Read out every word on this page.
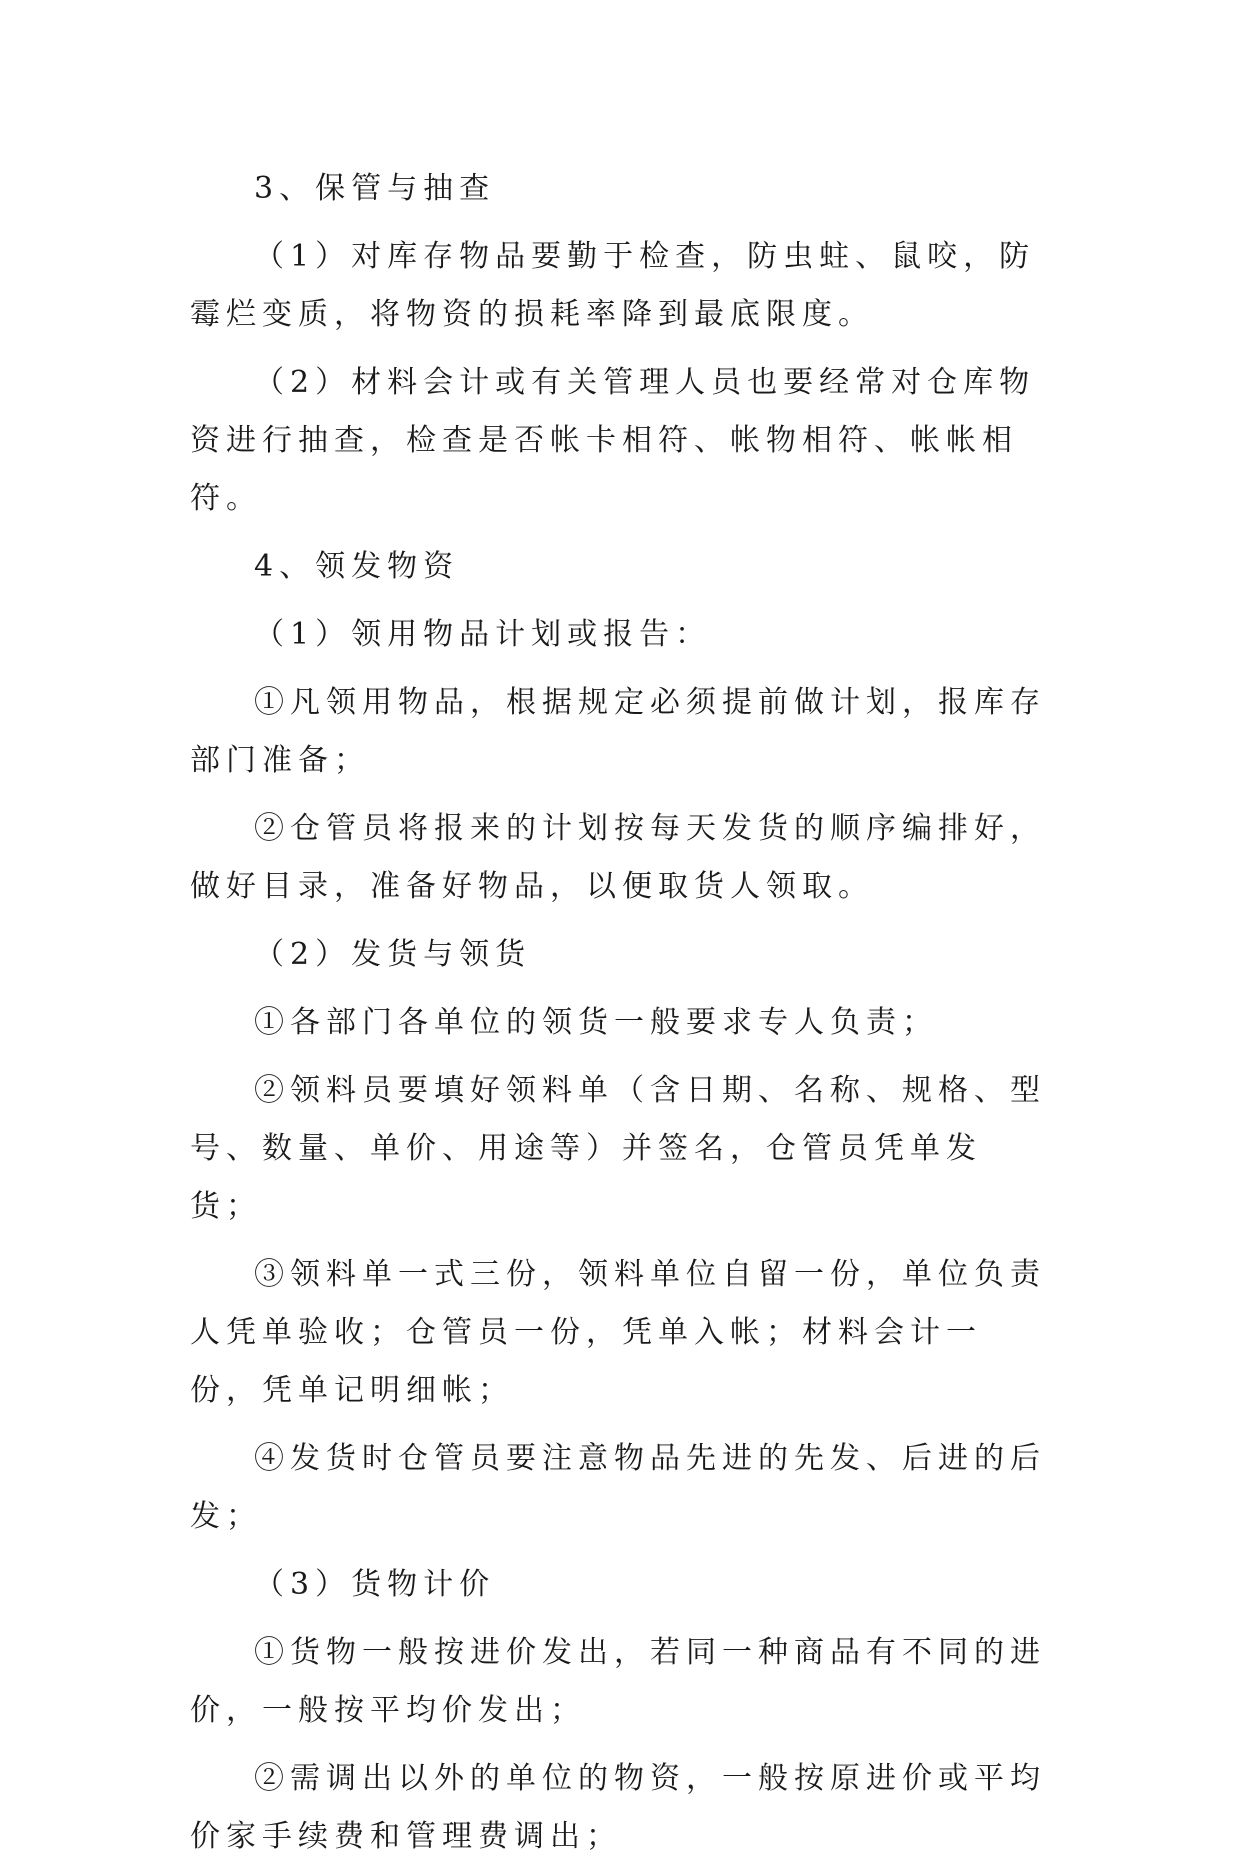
3、保管与抽查

（1）对库存物品要勤于检查，防虫蛀、鼠咬，防霉烂变质，将物资的损耗率降到最底限度。

（2）材料会计或有关管理人员也要经常对仓库物资进行抽查，检查是否帐卡相符、帐物相符、帐帐相符。

4、领发物资

（1）领用物品计划或报告：

①凡领用物品，根据规定必须提前做计划，报库存部门准备；

②仓管员将报来的计划按每天发货的顺序编排好，做好目录，准备好物品，以便取货人领取。

（2）发货与领货

①各部门各单位的领货一般要求专人负责；

②领料员要填好领料单（含日期、名称、规格、型号、数量、单价、用途等）并签名，仓管员凭单发货；

③领料单一式三份，领料单位自留一份，单位负责人凭单验收；仓管员一份，凭单入帐；材料会计一份，凭单记明细帐；

④发货时仓管员要注意物品先进的先发、后进的后发；

（3）货物计价

①货物一般按进价发出，若同一种商品有不同的进价，一般按平均价发出；

②需调出以外的单位的物资，一般按原进价或平均价家手续费和管理费调出；
